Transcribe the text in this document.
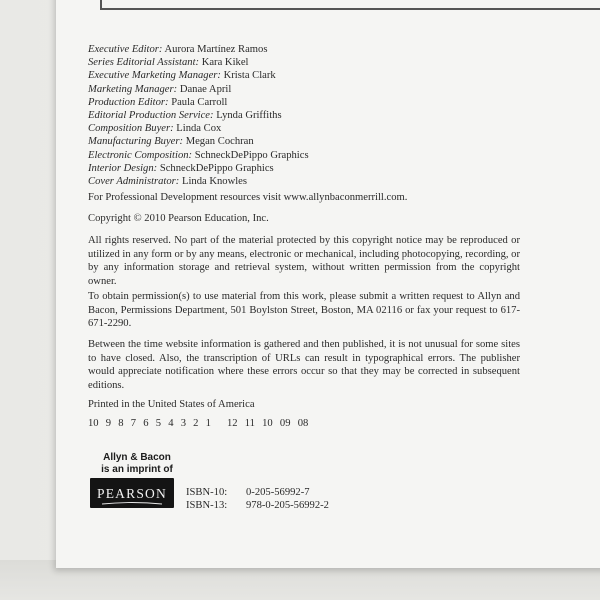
Executive Editor: Aurora Martínez Ramos
Series Editorial Assistant: Kara Kikel
Executive Marketing Manager: Krista Clark
Marketing Manager: Danae April
Production Editor: Paula Carroll
Editorial Production Service: Lynda Griffiths
Composition Buyer: Linda Cox
Manufacturing Buyer: Megan Cochran
Electronic Composition: SchneckDePippo Graphics
Interior Design: SchneckDePippo Graphics
Cover Administrator: Linda Knowles
For Professional Development resources visit www.allynbaconmerrill.com.
Copyright © 2010 Pearson Education, Inc.
All rights reserved. No part of the material protected by this copyright notice may be reproduced or utilized in any form or by any means, electronic or mechanical, including photocopying, recording, or by any information storage and retrieval system, without written permission from the copyright owner.
To obtain permission(s) to use material from this work, please submit a written request to Allyn and Bacon, Permissions Department, 501 Boylston Street, Boston, MA 02116 or fax your request to 617-671-2290.
Between the time website information is gathered and then published, it is not unusual for some sites to have closed. Also, the transcription of URLs can result in typographical errors. The publisher would appreciate notification where these errors occur so that they may be corrected in subsequent editions.
Printed in the United States of America
10 9 8 7 6 5 4 3 2 1 12 11 10 09 08
Allyn & Bacon
is an imprint of
PEARSON	ISBN-10: 0-205-56992-7
ISBN-13: 978-0-205-56992-2
